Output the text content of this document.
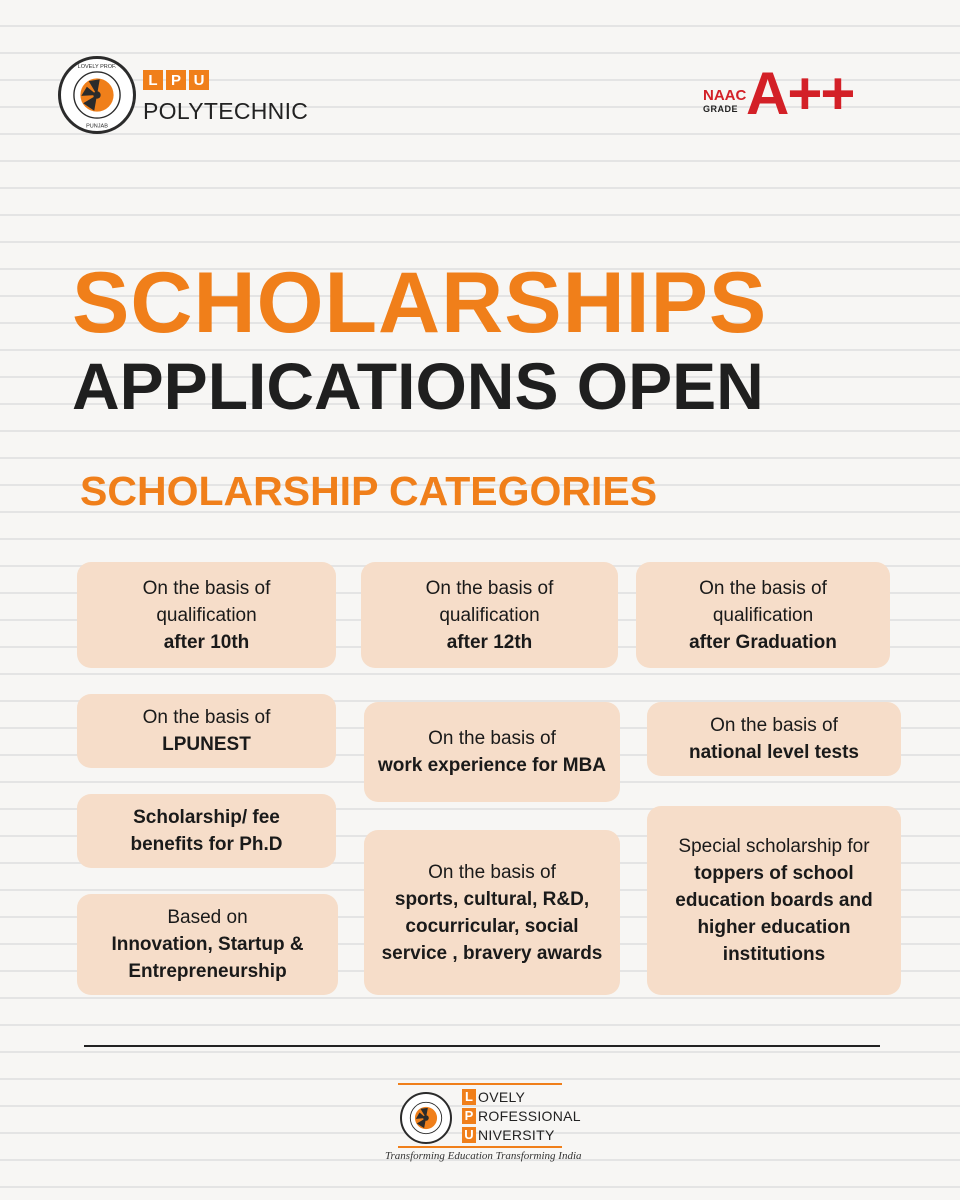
LOVELY PROF.
PUNJAB
L P U
POLYTECHNIC
NAAC
GRADE A++
SCHOLARSHIPS
APPLICATIONS OPEN
SCHOLARSHIP CATEGORIES
On the basis of
qualification
after 10th
On the basis of
qualification
after 12th
On the basis of
qualification
after Graduation
On the basis of
LPUNEST	On the basis of
work experience for MBA
On the basis of
national level tests
Scholarship/ fee
benefits for Ph.D
On the basis of
sports, cultural, R&D,
cocurricular, social
service , bravery awards
Special scholarship for
toppers of school
education boards and
higher education
institutions
Based on
Innovation, Startup &
Entrepreneurship
L OVELY
P ROFESSIONAL
U NIVERSITY
Transforming Education Transforming India
